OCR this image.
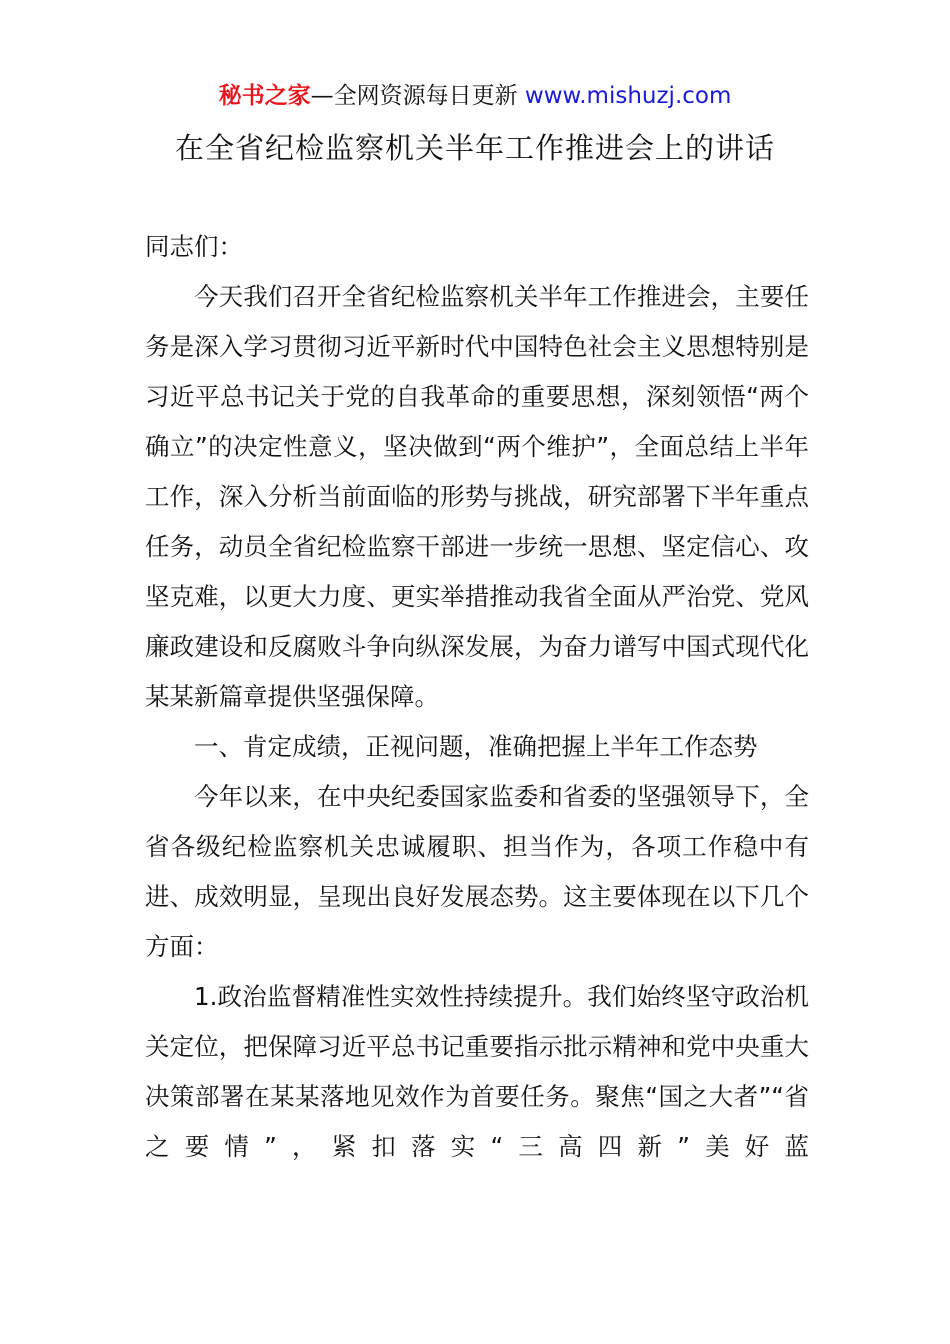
秘书之家—全网资源每日更新 www.mishuzj.com
在全省纪检监察机关半年工作推进会上的讲话

同志们：

今天我们召开全省纪检监察机关半年工作推进会，主要任务是深入学习贯彻习近平新时代中国特色社会主义思想特别是习近平总书记关于党的自我革命的重要思想，深刻领悟“两个确立”的决定性意义，坚决做到“两个维护”，全面总结上半年工作，深入分析当前面临的形势与挑战，研究部署下半年重点任务，动员全省纪检监察干部进一步统一思想、坚定信心、攻坚克难，以更大力度、更实举措推动我省全面从严治党、党风廉政建设和反腐败斗争向纵深发展，为奋力谱写中国式现代化某某新篇章提供坚强保障。

一、肯定成绩，正视问题，准确把握上半年工作态势

今年以来，在中央纪委国家监委和省委的坚强领导下，全省各级纪检监察机关忠诚履职、担当作为，各项工作稳中有进、成效明显，呈现出良好发展态势。这主要体现在以下几个方面：

1.政治监督精准性实效性持续提升。我们始终坚守政治机关定位，把保障习近平总书记重要指示批示精神和党中央重大决策部署在某某落地见效作为首要任务。聚焦“国之大者”“省之要情”，紧扣落实“三高四新”美好蓝
